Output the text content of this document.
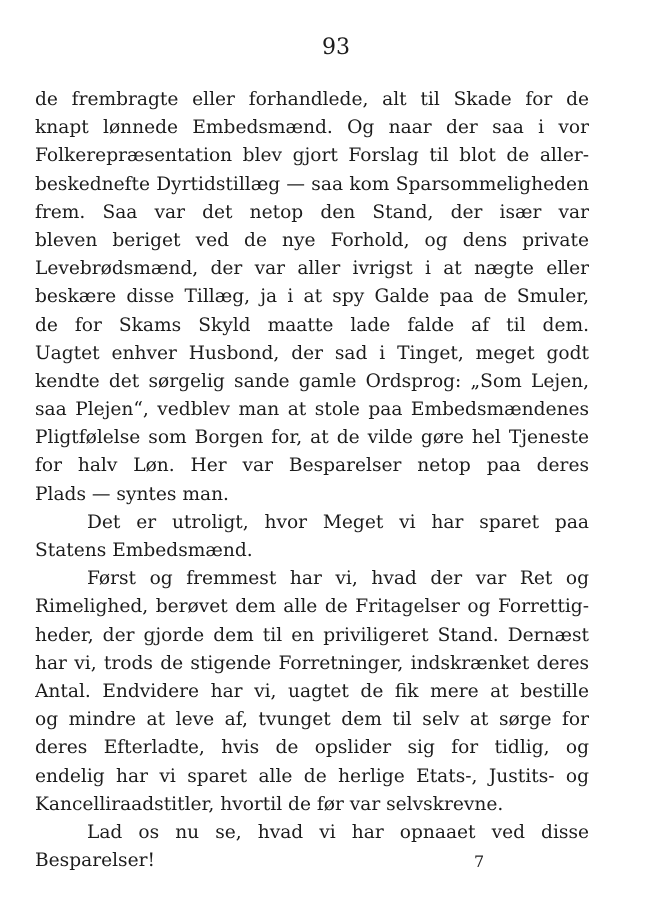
93
de frembragte eller forhandlede, alt til Skade for de
knapt lønnede Embedsmænd. Og naar der saa i vor
Folkerepræsentation blev gjort Forslag til blot de aller-
beskednefte Dyrtidstillæg — saa kom Sparsommeligheden
frem. Saa var det netop den Stand, der især var
bleven beriget ved de nye Forhold, og dens private
Levebrødsmænd, der var aller ivrigst i at nægte eller
beskære disse Tillæg, ja i at spy Galde paa de Smuler,
de for Skams Skyld maatte lade falde af til dem.
Uagtet enhver Husbond, der sad i Tinget, meget godt
kendte det sørgelig sande gamle Ordsprog: „Som Lejen,
saa Plejen“, vedblev man at stole paa Embedsmændenes
Pligtfølelse som Borgen for, at de vilde gøre hel Tjeneste
for halv Løn. Her var Besparelser netop paa deres
Plads — syntes man.
Det er utroligt, hvor Meget vi har sparet paa
Statens Embedsmænd.
Først og fremmest har vi, hvad der var Ret og
Rimelighed, berøvet dem alle de Fritagelser og Forrettig-
heder, der gjorde dem til en priviligeret Stand. Dernæst
har vi, trods de stigende Forretninger, indskrænket deres
Antal. Endvidere har vi, uagtet de fik mere at bestille
og mindre at leve af, tvunget dem til selv at sørge for
deres Efterladte, hvis de opslider sig for tidlig, og
endelig har vi sparet alle de herlige Etats-, Justits- og
Kancelliraadstitler, hvortil de før var selvskrevne.
Lad os nu se, hvad vi har opnaaet ved disse
Besparelser!	7
